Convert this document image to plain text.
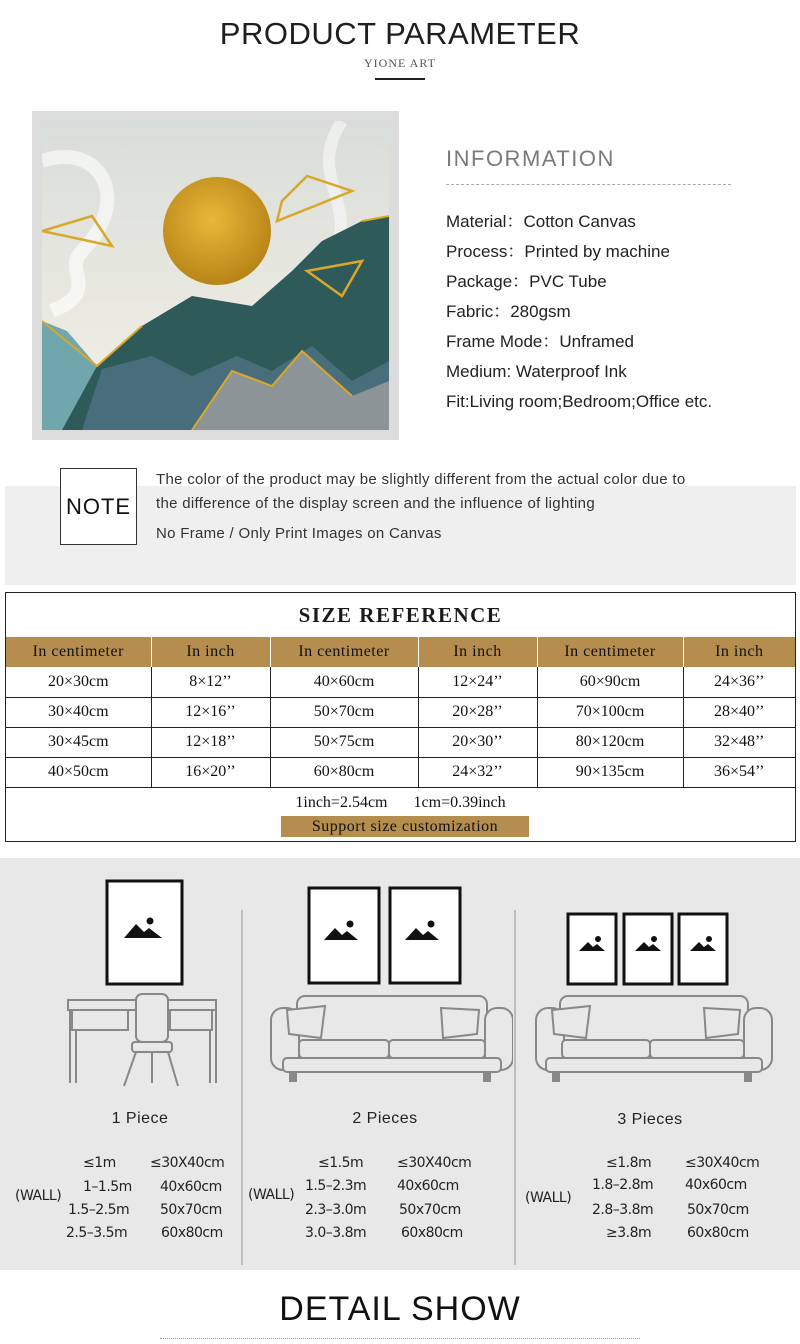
PRODUCT PARAMETER
YIONE ART
INFORMATION
Material：Cotton Canvas
Process：Printed by machine
Package：PVC Tube
Fabric：280gsm
Frame Mode：Unframed
Medium: Waterproof Ink
Fit:Living room;Bedroom;Office etc.
NOTE

The color of the product may be slightly different from the actual color due to

the difference of the display screen and the influence of lighting

No Frame / Only Print Images on Canvas

SIZE REFERENCE
In centimeter	In inch	In centimeter	In inch	In centimeter	In inch
20×30cm	8×12’’	40×60cm	12×24’’	60×90cm	24×36’’
30×40cm	12×16’’	50×70cm	20×28’’	70×100cm	28×40’’
30×45cm	12×18’’	50×75cm	20×30’’	80×120cm	32×48’’
40×50cm	16×20’’	60×80cm	24×32’’	90×135cm	36×54’’
1inch=2.54cm 1cm=0.39inch
Support size customization
1 Piece
(WALL)
≤1m ≤30X40cm
1–1.5m 40x60cm
1.5–2.5m 50x70cm
2.5–3.5m 60x80cm
2 Pieces
(WALL)
≤1.5m ≤30X40cm
1.5–2.3m 40x60cm
2.3–3.0m 50x70cm
3.0–3.8m 60x80cm
3 Pieces
(WALL)
≤1.8m ≤30X40cm
1.8–2.8m 40x60cm
2.8–3.8m 50x70cm
≥3.8m	60x80cm
DETAIL SHOW
